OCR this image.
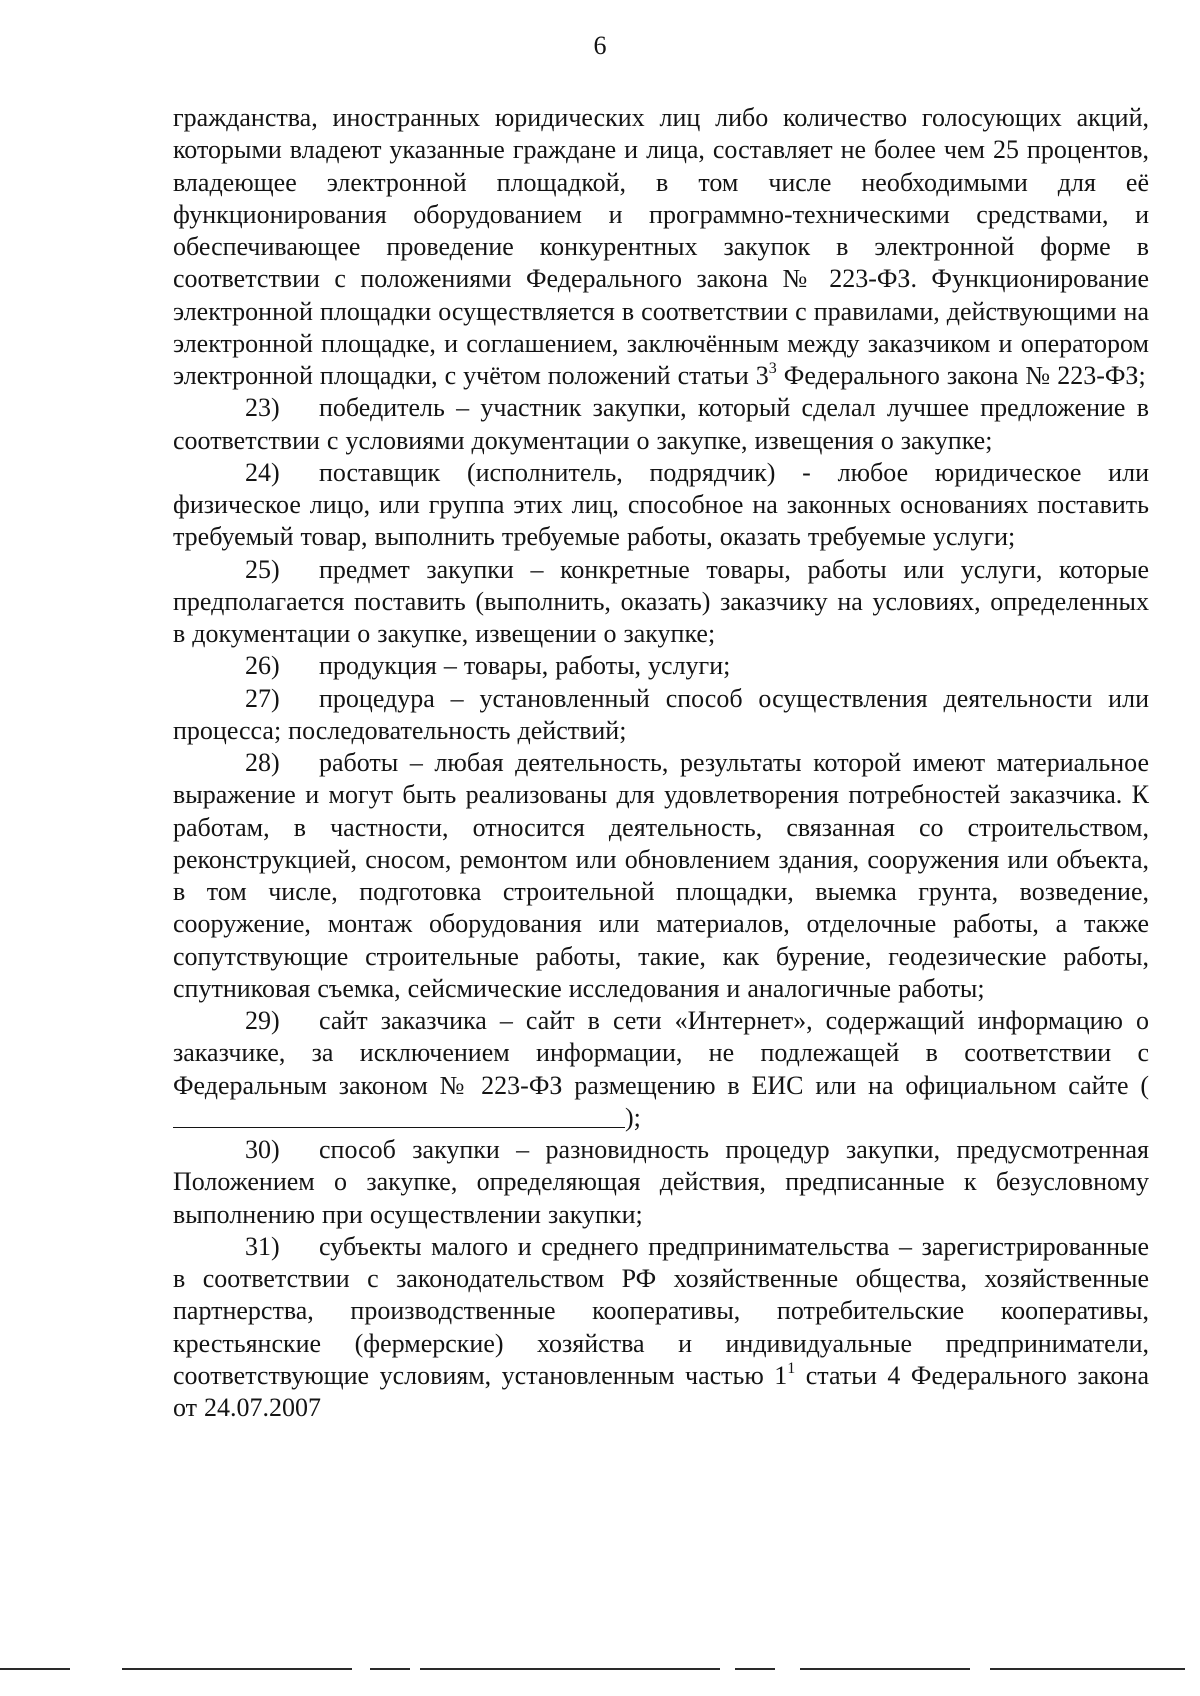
6

гражданства, иностранных юридических лиц либо количество голосующих акций, которыми владеют указанные граждане и лица, составляет не более чем 25 процентов, владеющее электронной площадкой, в том числе необходимыми для её функционирования оборудованием и программно-техническими средствами, и обеспечивающее проведение конкурентных закупок в электронной форме в соответствии с положениями Федерального закона № 223-ФЗ. Функционирование электронной площадки осуществляется в соответствии с правилами, действующими на электронной площадке, и соглашением, заключённым между заказчиком и оператором электронной площадки, с учётом положений статьи $3^3$ Федерального закона № 223-ФЗ;

23) победитель – участник закупки, который сделал лучшее предложение в соответствии с условиями документации о закупке, извещения о закупке;

24) поставщик (исполнитель, подрядчик) - любое юридическое или физическое лицо, или группа этих лиц, способное на законных основаниях поставить требуемый товар, выполнить требуемые работы, оказать требуемые услуги;

25) предмет закупки – конкретные товары, работы или услуги, которые предполагается поставить (выполнить, оказать) заказчику на условиях, определенных в документации о закупке, извещении о закупке;

26) продукция – товары, работы, услуги;

27) процедура – установленный способ осуществления деятельности или процесса; последовательность действий;

28) работы – любая деятельность, результаты которой имеют материальное выражение и могут быть реализованы для удовлетворения потребностей заказчика. К работам, в частности, относится деятельность, связанная со строительством, реконструкцией, сносом, ремонтом или обновлением здания, сооружения или объекта, в том числе, подготовка строительной площадки, выемка грунта, возведение, сооружение, монтаж оборудования или материалов, отделочные работы, а также сопутствующие строительные работы, такие, как бурение, геодезические работы, спутниковая съемка, сейсмические исследования и аналогичные работы;

29) сайт заказчика – сайт в сети «Интернет», содержащий информацию о заказчике, за исключением информации, не подлежащей в соответствии с Федеральным законом № 223-ФЗ размещению в ЕИС или на официальном сайте ();

30) способ закупки – разновидность процедур закупки, предусмотренная Положением о закупке, определяющая действия, предписанные к безусловному выполнению при осуществлении закупки;

31) субъекты малого и среднего предпринимательства – зарегистрированные в соответствии с законодательством РФ хозяйственные общества, хозяйственные партнерства, производственные кооперативы, потребительские кооперативы, крестьянские (фермерские) хозяйства и индивидуальные предприниматели, соответствующие условиям, установленным частью $1^1$ статьи 4 Федерального закона от 24.07.2007
